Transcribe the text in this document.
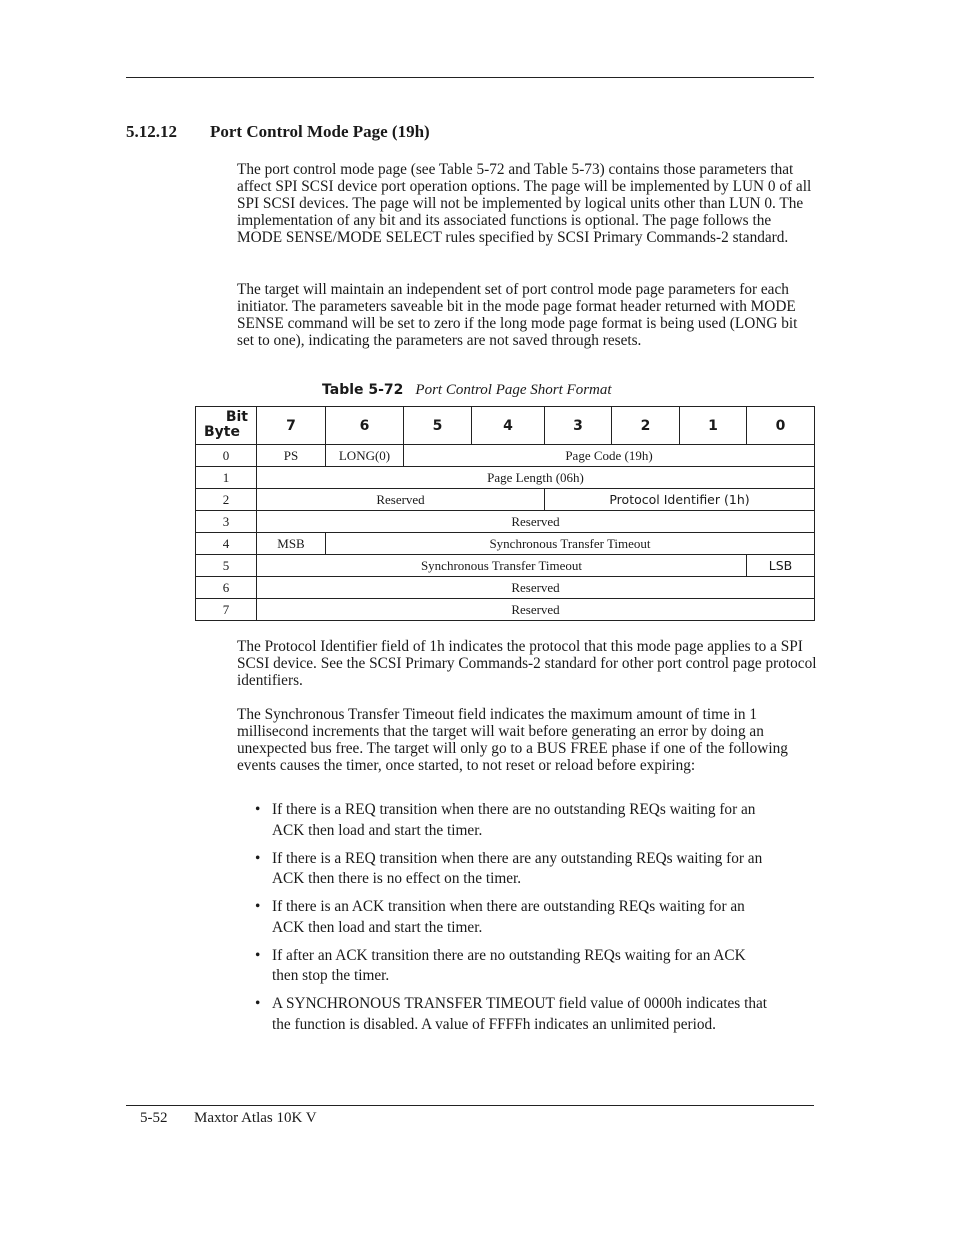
5.12.12 Port Control Mode Page (19h)

The port control mode page (see Table 5-72 and Table 5-73) contains those parameters that affect SPI SCSI device port operation options. The page will be implemented by LUN 0 of all SPI SCSI devices. The page will not be implemented by logical units other than LUN 0. The implementation of any bit and its associated functions is optional. The page follows the MODE SENSE/MODE SELECT rules specified by SCSI Primary Commands-2 standard.

The target will maintain an independent set of port control mode page parameters for each initiator. The parameters saveable bit in the mode page format header returned with MODE SENSE command will be set to zero if the long mode page format is being used (LONG bit set to one), indicating the parameters are not saved through resets.

Table 5-72 Port Control Page Short Format
Bit
Byte	7	6	5	4	3	2	1	0
0	PS	LONG(0)	Page Code (19h)					
1	Page Length (06h)							
2	Reserved				Protocol Identifier (1h)			
3	Reserved							
4	MSB	Synchronous Transfer Timeout						
5	Synchronous Transfer Timeout							LSB
6	Reserved							
7	Reserved							

The Protocol Identifier field of 1h indicates the protocol that this mode page applies to a SPI SCSI device. See the SCSI Primary Commands-2 standard for other port control page protocol identifiers.

The Synchronous Transfer Timeout field indicates the maximum amount of time in 1 millisecond increments that the target will wait before generating an error by doing an unexpected bus free. The target will only go to a BUS FREE phase if one of the following events causes the timer, once started, to not reset or reload before expiring:

• If there is a REQ transition when there are no outstanding REQs waiting for an ACK then load and start the timer.
• If there is a REQ transition when there are any outstanding REQs waiting for an ACK then there is no effect on the timer.
• If there is an ACK transition when there are outstanding REQs waiting for an ACK then load and start the timer.
• If after an ACK transition there are no outstanding REQs waiting for an ACK then stop the timer.
• A SYNCHRONOUS TRANSFER TIMEOUT field value of 0000h indicates that the function is disabled. A value of FFFFh indicates an unlimited period.
5-52 Maxtor Atlas 10K V
